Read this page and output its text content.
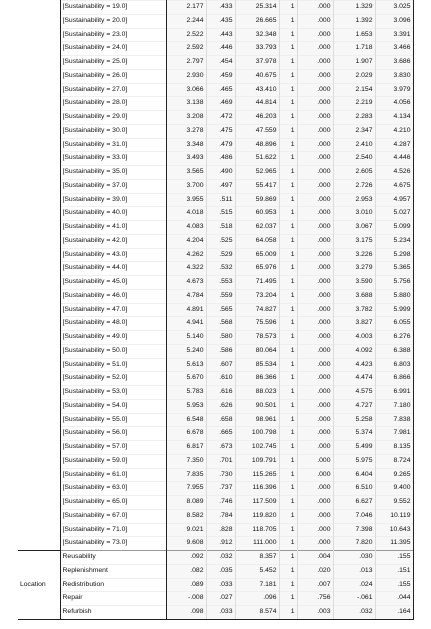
	[Sustainability = 19.0]	2.177	.433	25.314	1	.000	1.329	3.025
	[Sustainability = 20.0]	2.244	.435	26.665	1	.000	1.392	3.096
	[Sustainability = 23.0]	2.522	.443	32.348	1	.000	1.653	3.391
	[Sustainability = 24.0]	2.592	.446	33.793	1	.000	1.718	3.466
	[Sustainability = 25.0]	2.797	.454	37.978	1	.000	1.907	3.686
	[Sustainability = 26.0]	2.930	.459	40.675	1	.000	2.029	3.830
	[Sustainability = 27.0]	3.066	.465	43.410	1	.000	2.154	3.979
	[Sustainability = 28.0]	3.138	.469	44.814	1	.000	2.219	4.056
	[Sustainability = 29.0]	3.208	.472	46.203	1	.000	2.283	4.134
	[Sustainability = 30.0]	3.278	.475	47.559	1	.000	2.347	4.210
	[Sustainability = 31.0]	3.348	.479	48.896	1	.000	2.410	4.287
	[Sustainability = 33.0]	3.493	.486	51.622	1	.000	2.540	4.446
	[Sustainability = 35.0]	3.565	.490	52.965	1	.000	2.605	4.526
	[Sustainability = 37.0]	3.700	.497	55.417	1	.000	2.726	4.675
	[Sustainability = 39.0]	3.955	.511	59.869	1	.000	2.953	4.957
	[Sustainability = 40.0]	4.018	.515	60.953	1	.000	3.010	5.027
	[Sustainability = 41.0]	4.083	.518	62.037	1	.000	3.067	5.099
	[Sustainability = 42.0]	4.204	.525	64.058	1	.000	3.175	5.234
	[Sustainability = 43.0]	4.262	.529	65.009	1	.000	3.226	5.298
	[Sustainability = 44.0]	4.322	.532	65.976	1	.000	3.279	5.365
	[Sustainability = 45.0]	4.673	.553	71.495	1	.000	3.590	5.756
	[Sustainability = 46.0]	4.784	.559	73.204	1	.000	3.688	5.880
	[Sustainability = 47.0]	4.891	.565	74.827	1	.000	3.782	5.999
	[Sustainability = 48.0]	4.941	.568	75.596	1	.000	3.827	6.055
	[Sustainability = 49.0]	5.140	.580	78.573	1	.000	4.003	6.276
	[Sustainability = 50.0]	5.240	.586	80.064	1	.000	4.092	6.388
	[Sustainability = 51.0]	5.613	.607	85.534	1	.000	4.423	6.803
	[Sustainability = 52.0]	5.670	.610	86.366	1	.000	4.474	6.866
	[Sustainability = 53.0]	5.783	.616	88.023	1	.000	4.575	6.991
	[Sustainability = 54.0]	5.953	.626	90.501	1	.000	4.727	7.180
	[Sustainability = 55.0]	6.548	.658	98.961	1	.000	5.258	7.838
	[Sustainability = 56.0]	6.678	.665	100.798	1	.000	5.374	7.981
	[Sustainability = 57.0]	6.817	.673	102.745	1	.000	5.499	8.135
	[Sustainability = 59.0]	7.350	.701	109.791	1	.000	5.975	8.724
	[Sustainability = 61.0]	7.835	.730	115.265	1	.000	6.404	9.265
	[Sustainability = 63.0]	7.955	.737	116.396	1	.000	6.510	9.400
	[Sustainability = 65.0]	8.089	.746	117.509	1	.000	6.627	9.552
	[Sustainability = 67.0]	8.582	.784	119.820	1	.000	7.046	10.119
	[Sustainability = 71.0]	9.021	.828	118.705	1	.000	7.398	10.643
	[Sustainability = 73.0]	9.608	.912	111.000	1	.000	7.820	11.395
	Reusability	.092	.032	8.357	1	.004	.030	.155
	Replenishment	.082	.035	5.452	1	.020	.013	.151
Location	Redistribution	.089	.033	7.181	1	.007	.024	.155
	Repair	-.008	.027	.096	1	.756	-.061	.044
	Refurbish	.098	.033	8.574	1	.003	.032	.164
